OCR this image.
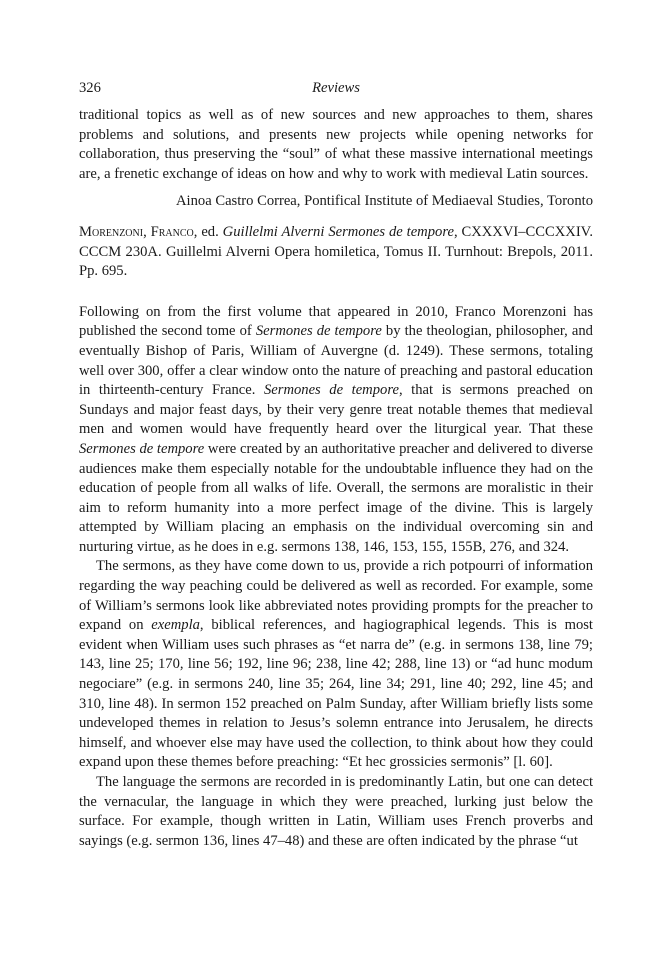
326	Reviews

traditional topics as well as of new sources and new approaches to them, shares problems and solutions, and presents new projects while opening networks for collaboration, thus preserving the “soul” of what these massive international meetings are, a frenetic exchange of ideas on how and why to work with medieval Latin sources.

Ainoa Castro Correa, Pontifical Institute of Mediaeval Studies, Toronto

Morenzoni, Franco, ed. Guillelmi Alverni Sermones de tempore, CXXXVI–CCCXXIV. CCCM 230A. Guillelmi Alverni Opera homiletica, Tomus II. Turnhout: Brepols, 2011. Pp. 695.

Following on from the first volume that appeared in 2010, Franco Morenzoni has published the second tome of Sermones de tempore by the theologian, philosopher, and eventually Bishop of Paris, William of Auvergne (d. 1249). These sermons, totaling well over 300, offer a clear window onto the nature of preaching and pastoral education in thirteenth-century France. Sermones de tempore, that is sermons preached on Sundays and major feast days, by their very genre treat notable themes that medieval men and women would have frequently heard over the liturgical year. That these Sermones de tempore were created by an authoritative preacher and delivered to diverse audiences make them especially notable for the undoubtable influence they had on the education of people from all walks of life. Overall, the sermons are moralistic in their aim to reform humanity into a more perfect image of the divine. This is largely attempted by William placing an emphasis on the individual overcoming sin and nurturing virtue, as he does in e.g. sermons 138, 146, 153, 155, 155B, 276, and 324.

The sermons, as they have come down to us, provide a rich potpourri of information regarding the way peaching could be delivered as well as recorded. For example, some of William’s sermons look like abbreviated notes providing prompts for the preacher to expand on exempla, biblical references, and hagiographical legends. This is most evident when William uses such phrases as “et narra de” (e.g. in sermons 138, line 79; 143, line 25; 170, line 56; 192, line 96; 238, line 42; 288, line 13) or “ad hunc modum negociare” (e.g. in sermons 240, line 35; 264, line 34; 291, line 40; 292, line 45; and 310, line 48). In sermon 152 preached on Palm Sunday, after William briefly lists some undeveloped themes in relation to Jesus’s solemn entrance into Jerusalem, he directs himself, and whoever else may have used the collection, to think about how they could expand upon these themes before preaching: “Et hec grossicies sermonis” [l. 60].

The language the sermons are recorded in is predominantly Latin, but one can detect the vernacular, the language in which they were preached, lurking just below the surface. For example, though written in Latin, William uses French proverbs and sayings (e.g. sermon 136, lines 47–48) and these are often indicated by the phrase “ut
